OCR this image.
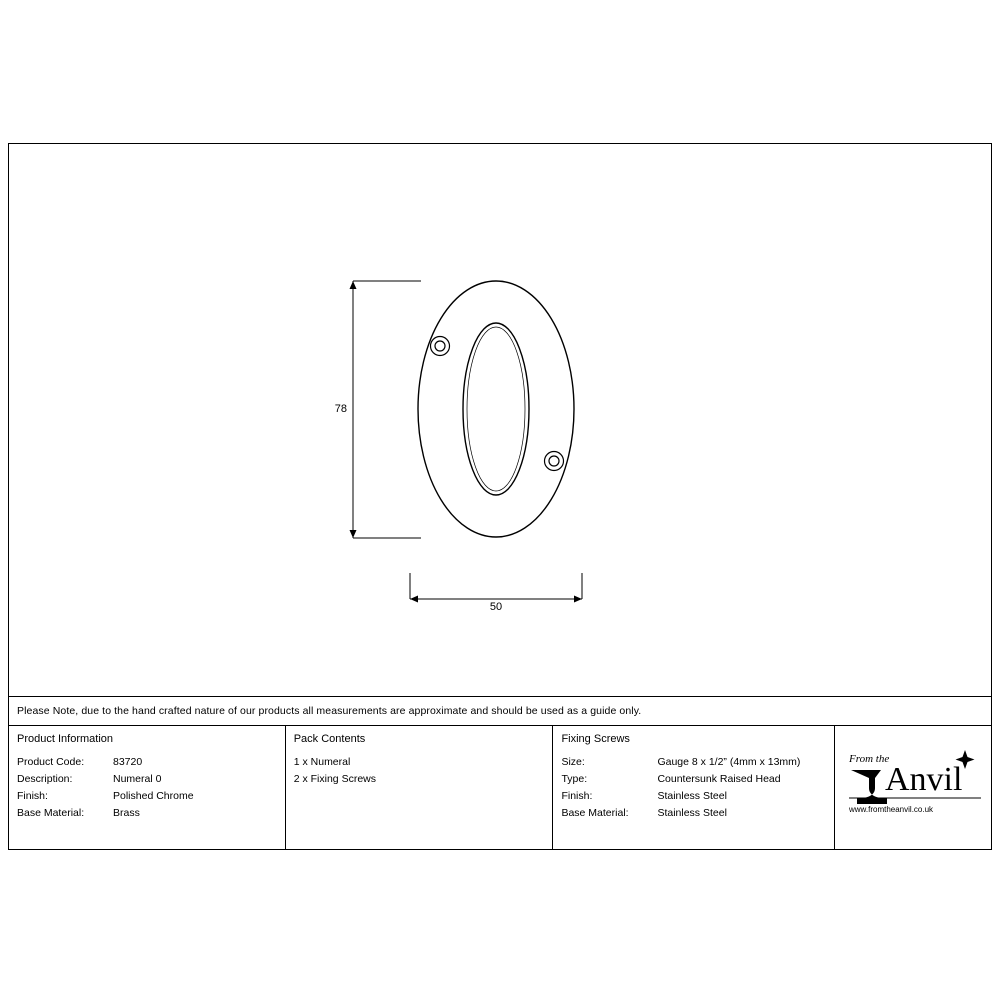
78
50
Please Note, due to the hand crafted nature of our products all measurements are approximate and should be used as a guide only.
Product Information
Product Code:	83720
Description:	Numeral 0
Finish:	Polished Chrome
Base Material:	Brass
Pack Contents
1 x Numeral
2 x Fixing Screws
Fixing Screws
Size:	Gauge 8 x 1/2” (4mm x 13mm)
Type:	Countersunk Raised Head
Finish:	Stainless Steel
Base Material:	Stainless Steel
From the
Anvil
www.fromtheanvil.co.uk
